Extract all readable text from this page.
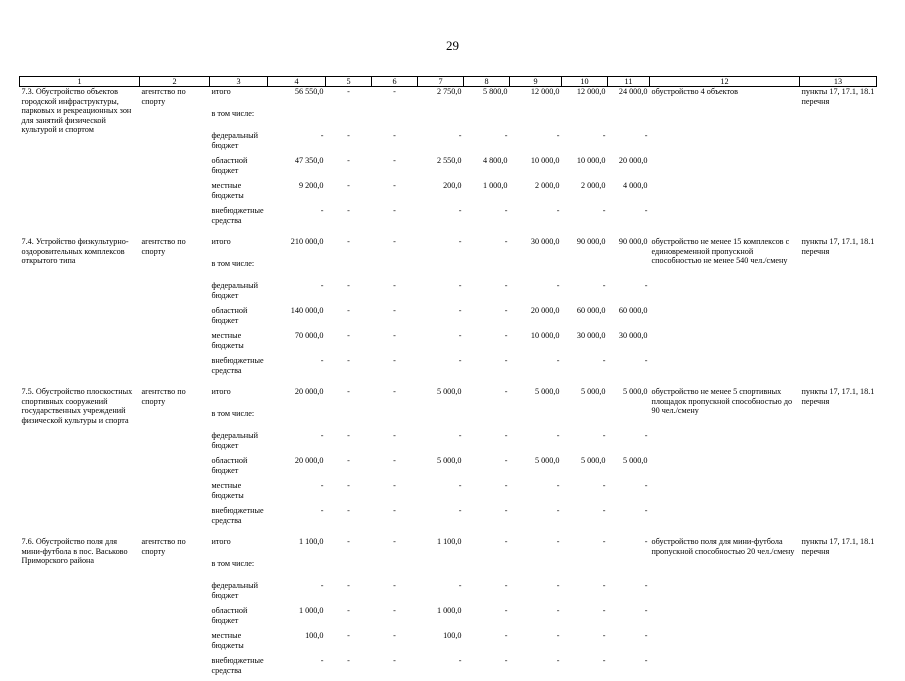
29
1	2	3	4	5	6	7	8	9	10	11	12	13
7.3. Обустройство объектов городской инфраструктуры, парковых и рекреационных зон для занятий физической культурой и спортом	агентство по спорту	итого	56 550,0	-	-	2 750,0	5 800,0	12 000,0	12 000,0	24 000,0	обустройство 4 объектов	пункты 17, 17.1, 18.1 перечня
		в том числе:										
		федеральный бюджет	-	-	-	-	-	-	-	-		
		областной бюджет	47 350,0	-	-	2 550,0	4 800,0	10 000,0	10 000,0	20 000,0		
		местные бюджеты	9 200,0	-	-	200,0	1 000,0	2 000,0	2 000,0	4 000,0		
		внебюджетные средства	-	-	-	-	-	-	-	-		

7.4. Устройство физкультурно-оздоровительных комплексов открытого типа	агентство по спорту	итого	210 000,0	-	-	-	-	30 000,0	90 000,0	90 000,0	обустройство не менее 15 комплексов с единовременной пропускной способностью не менее 540 чел./смену	пункты 17, 17.1, 18.1 перечня
		в том числе:										
		федеральный бюджет	-	-	-	-	-	-	-	-		
		областной бюджет	140 000,0	-	-	-	-	20 000,0	60 000,0	60 000,0		
		местные бюджеты	70 000,0	-	-	-	-	10 000,0	30 000,0	30 000,0		
		внебюджетные средства	-	-	-	-	-	-	-	-		

7.5. Обустройство плоскостных спортивных сооружений государственных учреждений физической культуры и спорта	агентство по спорту	итого	20 000,0	-	-	5 000,0	-	5 000,0	5 000,0	5 000,0	обустройство не менее 5 спортивных площадок пропускной способностью до 90 чел./смену	пункты 17, 17.1, 18.1 перечня
		в том числе:										
		федеральный бюджет	-	-	-	-	-	-	-	-		
		областной бюджет	20 000,0	-	-	5 000,0	-	5 000,0	5 000,0	5 000,0		
		местные бюджеты	-	-	-	-	-	-	-	-		
		внебюджетные средства	-	-	-	-	-	-	-	-		

7.6. Обустройство поля для мини-футбола в пос. Васьково Приморского района	агентство по спорту	итого	1 100,0	-	-	1 100,0	-	-	-	-	обустройство поля для мини-футбола пропускной способностью 20 чел./смену	пункты 17, 17.1, 18.1 перечня
		в том числе:										
		федеральный бюджет	-	-	-	-	-	-	-	-		
		областной бюджет	1 000,0	-	-	1 000,0	-	-	-	-		
		местные бюджеты	100,0	-	-	100,0	-	-	-	-		
		внебюджетные средства	-	-	-	-	-	-	-	-		
